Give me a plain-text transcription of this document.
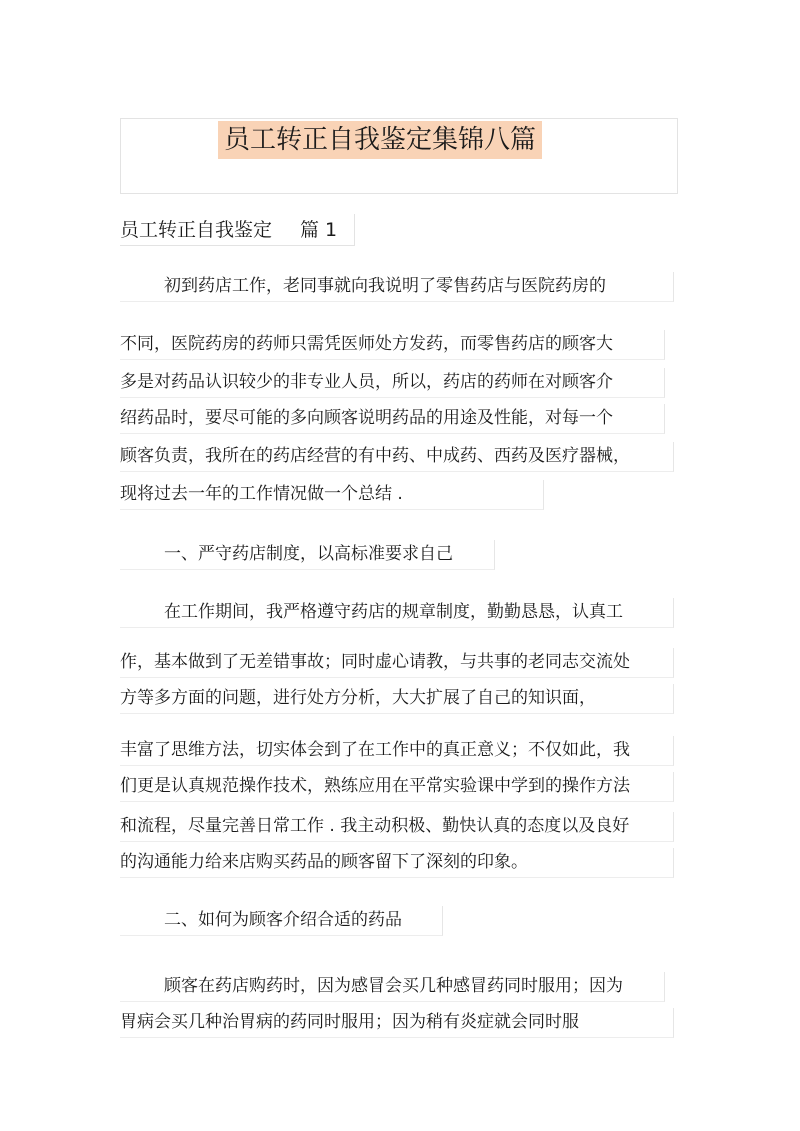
员工转正自我鉴定集锦八篇
员工转正自我鉴定 篇 1
初到药店工作，老同事就向我说明了零售药店与医院药房的
不同，医院药房的药师只需凭医师处方发药，而零售药店的顾客大
多是对药品认识较少的非专业人员，所以，药店的药师在对顾客介
绍药品时，要尽可能的多向顾客说明药品的用途及性能，对每一个
顾客负责，我所在的药店经营的有中药、中成药、西药及医疗器械，
现将过去一年的工作情况做一个总结 .
一、严守药店制度，以高标准要求自己
在工作期间，我严格遵守药店的规章制度，勤勤恳恳，认真工
作，基本做到了无差错事故；同时虚心请教，与共事的老同志交流处
方等多方面的问题，进行处方分析，大大扩展了自己的知识面，
丰富了思维方法，切实体会到了在工作中的真正意义；不仅如此，我
们更是认真规范操作技术，熟练应用在平常实验课中学到的操作方法
和流程，尽量完善日常工作 . 我主动积极、勤快认真的态度以及良好
的沟通能力给来店购买药品的顾客留下了深刻的印象。
二、如何为顾客介绍合适的药品
顾客在药店购药时，因为感冒会买几种感冒药同时服用；因为
胃病会买几种治胃病的药同时服用；因为稍有炎症就会同时服
